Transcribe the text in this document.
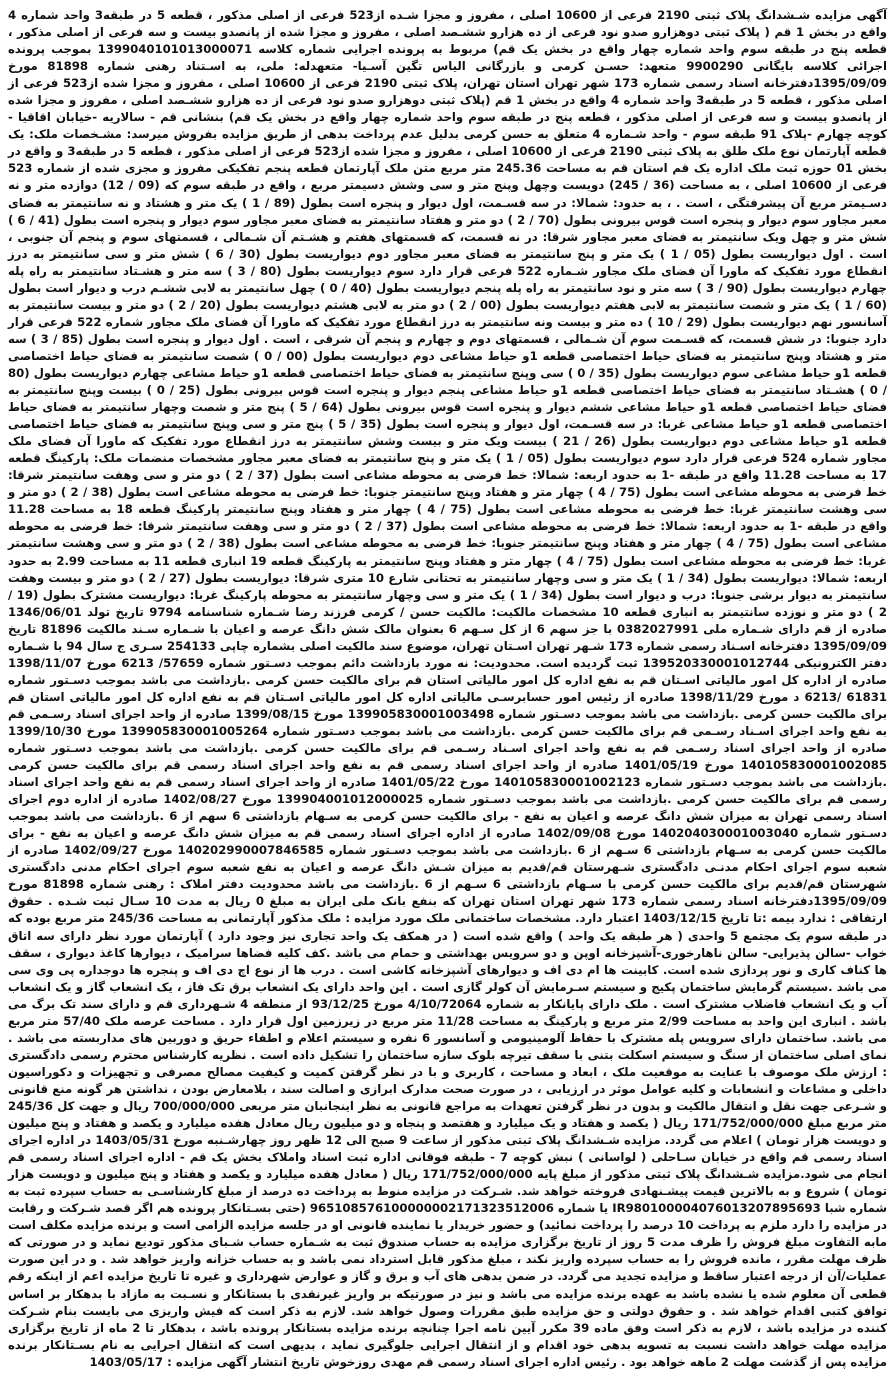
آگهی مزایده شـشدانگ پلاک ثبتی 2190 فرعی از 10600 اصلی ، مفروز و مجزا شـده از523 فرعی از اصلی مذکور ، قطعه 5 در طبقه3 واحد شماره 4 واقع در بخش 1 قم ( پلاک ثبتی دوهزارو صدو نود فرعی از ده هزارو ششـصد اصلی ، مفروز و مجزا شده از پانصدو بیست و سه فرعی از اصلی مذکور ، قطعه پنج در طبقه سوم واحد شماره چهار واقع در بخش یک قم) مربوط به پرونده اجرایی شماره کلاسه 1399040101013000071 بموجب پرونده اجرائی کلاسه بایگانی 9900290 متعهد: حسـن کرمی و بازرگانی الیاس تگین آسـیا- متعهدله: ملی، به اسـتناد رهنی شماره 81898 مورخ 1395/09/09دفترخانه اسناد رسمی شماره 173 شهر تهران استان تهران، پلاک ثبتی 2190 فرعی از 10600 اصلی ، مفروز و مجزا شده از523 فرعی از اصلی مذکور ، قطعه 5 در طبقه3 واحد شماره 4 واقع در بخش 1 قم (پلاک ثبتی دوهزارو صدو نود فرعی از ده هزارو ششـصد اصلی ، مفروز و مجزا شده از پانصدو بیست و سه فرعی از اصلی مذکور ، قطعه پنج در طبقه سوم واحد شماره چهار واقع در بخش یک قم) بنشانی قم - سالاریه -خیابان اقاقیا - کوچه چهارم -پلاک 91 طبقه سوم - واحد شـماره 4 متعلق به حسن کرمی بدلیل عدم پرداخت بدهی از طریق مزایده بفروش میرسد: مشـخصات ملک: یک قطعه آپارتمان نوع ملک طلق به پلاک ثبتی 2190 فرعی از 10600 اصلی ، مفروز و مجزا شده از523 فرعی از اصلی مذکور ، قطعه 5 در طبقه3 و واقع در بخش 01 حوزه ثبت ملک اداره یک قم استان قم به مساحت 245.36 متر مربع متن ملک آپارتمان قطعه پنجم تفکیکی مفروز و مجزی شده از شماره 523 فرعی از 10600 اصلی ، به مساحت (36 / 245) دویست وچهل وپنج متر و سی وشش دسیمتر مربع ، واقع در طبقه سوم که (09 / 12) دوازده متر و نه دسـیمتر مربع آن پیشرفتگی ، است . ، به حدود: شمالا: در سه قسـمت، اول دیوار و پنجره است بطول (89 / 1 ) یک متر و هشتاد و نه سانتیمتر به فضای معبر مجاور سوم دیوار و پنجره است قوس بیرونی بطول (70 / 2 ) دو متر و هفتاد سانتیمتر به فضای معبر مجاور سوم دیوار و پنجره است بطول (41 / 6 ) شش متر و چهل ویک سانتیمتر به فضای معبر مجاور شرقا: در نه قسمت، که قسمتهای هفتم و هشـتم آن شـمالی ، قسمتهای سوم و پنجم آن جنوبی ، است . اول دیواریست بطول (05 / 1 ) یک متر و پنج سانتیمتر به فضای معبر مجاور دوم دیواریست بطول (30 / 6 ) شش متر و سی سانتیمتر به درز انقطاع مورد تفکیک که ماورا آن فضای ملک مجاور شـماره 522 فرعی قرار دارد سوم دیواریست بطول (80 / 3 ) سه متر و هشـتاد سانتیمتر به راه پله چهارم دیواریست بطول (90 / 3 ) سه متر و نود سانتیمتر به راه پله پنجم دیواریست بطول (40 / 0 ) چهل سانتیمتر به لابی ششـم درب و دیوار است بطول (60 / 1 ) یک متر و شصت سانتیمتر به لابی هفتم دیواریست بطول (00 / 2 ) دو متر به لابی هشتم دیواریست بطول (20 / 2 ) دو متر و بیست سانتیمتر به آسانسور نهم دیواریست بطول (29 / 10 ) ده متر و بیست ونه سانتیمتر به درز انقطاع مورد تفکیک که ماورا آن فضای ملک مجاور شماره 522 فرعی قرار دارد جنوبا: در شش قسمت، که قسـمت سوم آن شـمالی ، قسمتهای دوم و چهارم و پنجم آن شرقی ، است . اول دیوار و پنجره است بطول (85 / 3 ) سه متر و هشتاد وپنج سانتیمتر به فضای حیاط اختصاصی قطعه 1و حیاط مشاعی دوم دیواریست بطول (00 / 0 ) شصت سانتیمتر به فضای حیاط اختصاصی قطعه 1و حیاط مشاعی سوم دیواریست بطول (35 / 0 ) سی وپنج سانتیمتر به فضای حیاط اختصاصی قطعه 1و حیاط مشاعی چهارم دیواریست بطول (80 / 0 ) هشـتاد سانتیمتر به فضای حیاط اختصاصی قطعه 1و حیاط مشاعی پنجم دیوار و پنجره است قوس بیرونی بطول (25 / 0 ) بیست وپنج سانتیمتر به فضای حیاط اختصاصی قطعه 1و حیاط مشاعی ششم دیوار و پنجره است قوس بیرونی بطول (64 / 5 ) پنج متر و شصت وچهار سانتیمتر به فضای حیاط اختصاصی قطعه 1و حیاط مشاعی غربا: در سه قسـمت، اول دیوار و پنجره است بطول (35 / 5 ) پنج متر و سی وپنج سانتیمتر به فضای حیاط اختصاصی قطعه 1و حیاط مشاعی دوم دیواریست بطول (26 / 21 ) بیست ویک متر و بیست وشش سانتیمتر به درز انقطاع مورد تفکیک که ماورا آن فضای ملک مجاور شماره 524 فرعی قرار دارد سوم دیواریست بطول (05 / 1 ) یک متر و پنج سانتیمتر به فضای معبر مجاور مشخصات منضمات ملک: پارکینگ قطعه 17 به مساحت 11.28 واقع در طبقه -1 به حدود اربعه: شمالا: خط فرضی به محوطه مشاعی است بطول (37 / 2 ) دو متر و سی وهفت سانتیمتر شرقا: خط فرضی به محوطه مشاعی است بطول (75 / 4 ) چهار متر و هفتاد وپنج سانتیمتر جنوبا: خط فرضی به محوطه مشاعی است بطول (38 / 2 ) دو متر و سی وهشت سانتیمتر غربا: خط فرضی به محوطه مشاعی است بطول (75 / 4 ) چهار متر و هفتاد وپنج سانتیمتر پارکینگ قطعه 18 به مساحت 11.28 واقع در طبقه -1 به حدود اربعه: شمالا: خط فرضی به محوطه مشاعی است بطول (37 / 2 ) دو متر و سی وهفت سانتیمتر شرقا: خط فرضی به محوطه مشاعی است بطول (75 / 4 ) چهار متر و هفتاد وپنج سانتیمتر جنوبا: خط فرضی به محوطه مشاعی است بطول (38 / 2 ) دو متر و سی وهشت سانتیمتر غربا: خط فرضی به محوطه مشاعی است بطول (75 / 4 ) چهار متر و هفتاد وپنج سانتیمتر به پارکینگ قطعه 19 انباری قطعه 11 به مساحت 2.99 به حدود اربعه: شمالا: دیواریست بطول (34 / 1 ) یک متر و سی وچهار سانتیمتر به تحتانی شارع 10 متری شرقا: دیواریست بطول (27 / 2 ) دو متر و بیست وهفت سانتیمتر به دیوار برشی جنوبا: درب و دیوار است بطول (34 / 1 ) یک متر و سی وچهار سانتیمتر به محوطه پارکینگ غربا: دیواریست مشترک بطول (19 / 2 ) دو متر و نوزده سانتیمتر به انباری قطعه 10 مشخصات مالکیت: مالکیت حسن / کرمی فرزند رضا شـماره شناسنامه 9794 تاریخ تولد 1346/06/01 صادره از قم دارای شـماره ملی 0382027991 با جز سهم 6 از کل سـهم 6 بعنوان مالک شش دانگ عرصه و اعیان با شـماره سـند مالکیت 81896 تاریخ 1395/09/09 دفترخانه اسـناد رسمی شماره 173 شـهر تهران اسـتان تهران، موضوع سند مالکیت اصلی بشماره چاپی 254133 سـری ج سال 94 با شـماره دفتر الکترونیکی 139520330001012744 ثبت گردیده است. محدودیت: نه مورد بازداشت دائم بموجب دسـتور شماره 57659/ 6213 مورخ 1398/11/07 صادره از اداره کل امور مالیاتی اسـتان قم به نفع اداره کل امور مالیاتی استان قم برای مالکیت حسن کرمی .بازداشت می باشد بموجب دسـتور شماره 61831 /6213 د مورخ 1398/11/29 صادره از رئیس امور حسابرسـی مالیاتی اداره کل امور مالیاتی اسـتان قم به نفع اداره کل امور مالیاتی استان قم برای مالکیت حسن کرمی .بازداشت می باشد بموجب دسـتور شماره 139905830001003498 مورخ 1399/08/15 صادره از واحد اجرای اسناد رسـمی قم به نفع واحد اجرای اسـناد رسـمی قم برای مالکیت حسن کرمی .بازداشت می باشد بموجب دسـتور شماره 139905830001005264 مورخ 1399/10/30 صادره از واحد اجرای اسناد رسـمی قم به نفع واحد اجرای اسـناد رسـمی قم برای مالکیت حسن کرمی .بازداشت می باشد بموجب دسـتور شماره 140105830001002085 مورخ 1401/05/19 صادره از واحد اجرای اسناد رسمی قم به نفع واحد اجرای اسناد رسمی قم برای مالکیت حسن کرمی .بازداشت می باشد بموجب دسـتور شماره 140105830001002123 مورخ 1401/05/22 صادره از واحد اجرای اسناد رسمی قم به نفع واحد اجرای اسناد رسمی قم برای مالکیت حسن کرمی .بازداشت می باشد بموجب دسـتور شماره 139904001012000025 مورخ 1402/08/27 صادره از اداره دوم اجرای اسناد رسمی تهران به میزان شش دانگ عرصه و اعیان به نفع - برای مالکیت حسن کرمی به سـهام بازداشتی 6 سهم از 6 .بازداشت می باشد بموجب دسـتور شماره 140204030001003040 مورخ 1402/09/08 صادره از اداره اجرای اسناد رسمی قم به میزان شش دانگ عرصه و اعیان به نفع - برای مالکیت حسن کرمی به سـهام بازداشتی 6 سـهم از 6 .بازداشت می باشد بموجب دسـتور شماره 140202990007846585 مورخ 1402/09/27 صادره از شعبه سوم اجرای احکام مدنـی دادگستری شـهرستان قم/قدیم به میزان شـش دانگ عرصه و اعیان به نفع شعبه سوم اجرای احکام مدنی دادگستری شهرستان قم/قدیم برای مالکیت حسن کرمی با سـهام بازداشتی 6 سـهم از 6 .بازداشت می باشد محدودیت دفتر املاک : رهنی شماره 81898 مورخ 1395/09/09دفترخانه اسناد رسمی شماره 173 شهر تهران استان تهران که بنفع بانک ملی ایران به مبلغ 0 ریال به مدت 10 سـال ثبت شـده . حقوق ارتفاقی : ندارد بیمه :تا تاریخ 1403/12/15 اعتبار دارد. مشخصات ساختمانی ملک مورد مزایده : ملک مذکور آپارتمانی به مساحت 245/36 متر مربع بوده که در طبقه سوم یک مجتمع 5 واحدی ( هر طبقه یک واحد ) واقع شده است ( در همکف یک واحد تجاری نیز وجود دارد ) آپارتمان مورد نظر دارای سه اتاق خواب -سالن پذیرایی- سالن ناهارخوری-آشپزخانه اوپن و دو سرویس بهداشتی و حمام می باشد .کف کلیه فضاها سرامیک ، دیوارها کاغذ دیواری ، سقف ها کناف کاری و نور پردازی شده است. کابینت ها ام دی اف و دیوارهای آشپزخانه کاشی است . درب ها از نوع اچ دی اف و پنجره ها دوجداره پی وی سی می باشد .سیستم گرمایش ساختمان پکیج و سیستم سـرمایش آن کولر گازی است . این واحد دارای یک انشعاب برق تک فاز ، یک انشعاب گاز و یک انشعاب آب و یک انشعاب فاضلاب مشترک است . ملک دارای پایانکار به شماره 4/10/72064 مورخ 93/12/25 از منطقه 4 شـهرداری قم و دارای سند تک برگ می باشد . انباری این واحد به مساحت 2/99 متر مربع و پارکینگ به مساحت 11/28 متر مربع در زیرزمین اول قرار دارد . مساحت عرصه ملک 57/40 متر مربع می باشد. ساختمان دارای سرویس پله مشترک با حفاظ آلومینیومی و آسانسور 6 نفره و سیستم اعلام و اطفاء حریق و دوربین های مداربسته می باشد . نمای اصلی ساختمان از سنگ و سیستم اسکلت بتنی با سقف تیرچه بلوک سازه ساختمان را تشکیل داده است . نظریه کارشناس محترم رسمی دادگستری : ارزش ملک موصوف با عنایت به موقعیت ملک ، ابعاد و مساحت ، کاربری و با در نظر گرفتن کمیت و کیفیت مصالح مصرفی و تجهیزات و دکوراسیون داخلی و مشاعات و انشعابات و کلیه عوامل موثر در ارزیابی ، در صورت صحت مدارک ابرازی و اصالت سند ، بلامعارض بودن ، نداشتن هر گونه منع قانونی و شـرعی جهت نقل و انتقال مالکیت و بدون در نظر گرفتن تعهدات به مراجع قانونی به نظر اینجانبان متر مربعی 700/000/000 ریال و جهت کل 245/36 متر مربع مبلغ 171/752/000/000 ریال ( یکصد و هفتاد و یک میلیارد و هفتصد و پنجاه و دو میلیون ریال معادل هفده میلیارد و یکصد و هفتاد و پنج میلیون و دویست هزار تومان ) اعلام می گردد. مزایده شـشدانگ پلاک ثبتی مذکور از ساعت 9 صبح الی 12 ظهر روز چهارشـنبه مورخ 1403/05/31 در اداره اجرای اسناد رسمی قم واقع در خیابان سـاحلی ( لواسانی ) نبش کوچه 7 - طبقه فوقانی اداره ثبت اسناد واملاک بخش یک قم - اداره اجرای اسناد رسمی قم انجام می شود.مزایده شـشدانگ پلاک ثبتی مذکور از مبلغ پایه 171/752/000/000 ریال ( معادل هفده میلیارد و یکصد و هفتاد و پنج میلیون و دویست هزار تومان ) شروع و به بالاترین قیمت پیشـنهادی فروخته خواهد شد. شـرکت در مزایده منوط به پرداخت ده درصد از مبلغ کارشناسـی به حساب سپرده ثبت به شماره شبا IR980100004076013207895693 یا شماره 965108576100000002171323512006 (حتی بسـتانکار پرونده هم اگر قصد شـرکت و رقابت در مزایده را دارد ملزم به پرداخت 10 درصد را پرداخت نمائید) و حضور خریدار یا نماینده قانونی او در جلسه مزایده الزامی است و برنده مزایده مکلف است مابه التفاوت مبلغ فروش را ظرف مدت 5 روز از تاریخ برگزاری مزایده به حساب صندوق ثبت به شـماره حساب شـبای مذکور تودیع نماید و در صورتی که ظرف مهلت مقرر ، مانده فروش را به حساب سپرده واریز نکند ، مبلغ مذکور قابل استرداد نمی باشد و به حساب خزانه واریز خواهد شد . و در این صورت عملیات/آن از درجه اعتبار ساقط و مزایده تجدید می گردد. در ضمن بدهی های آب و برق و گاز و عوارض شهرداری و غیره تا تاریخ مزایده اعم از اینکه رقم قطعی آن معلوم شده یا نشده باشد به عهده برنده مزایده می باشد و نیز در صورتیکه بر واریز غیرنقدی با بستانکار و نسـبت به مازاد با بدهکار بر اساس توافق کتبی اقدام خواهد شد . و حقوق دولتی و حق مزایده طبق مقررات وصول خواهد شد. لازم به ذکر است که فیش واریزی می بایست بنام شـرکت کننده در مزایده باشد ، لازم به ذکر است وفق ماده 39 مکرر آیین نامه اجرا چنانچه برنده مزایده بستانکار پرونده باشد ، بدهکار تا 2 ماه از تاریخ برگزاری مزایده مهلت خواهد داشت نسبت به تسویه بدهی خود اقدام و از انتقال اجرایی جلوگیری نماید ، بدیهی است که انتقال اجرایی به نام بسـتانکار برنده مزایده پس از گذشت مهلت 2 ماهه خواهد بود . رئیس اداره اجرای اسناد رسمی قم مهدی روزخوش تاریخ انتشار آگهی مزایده : 1403/05/17
